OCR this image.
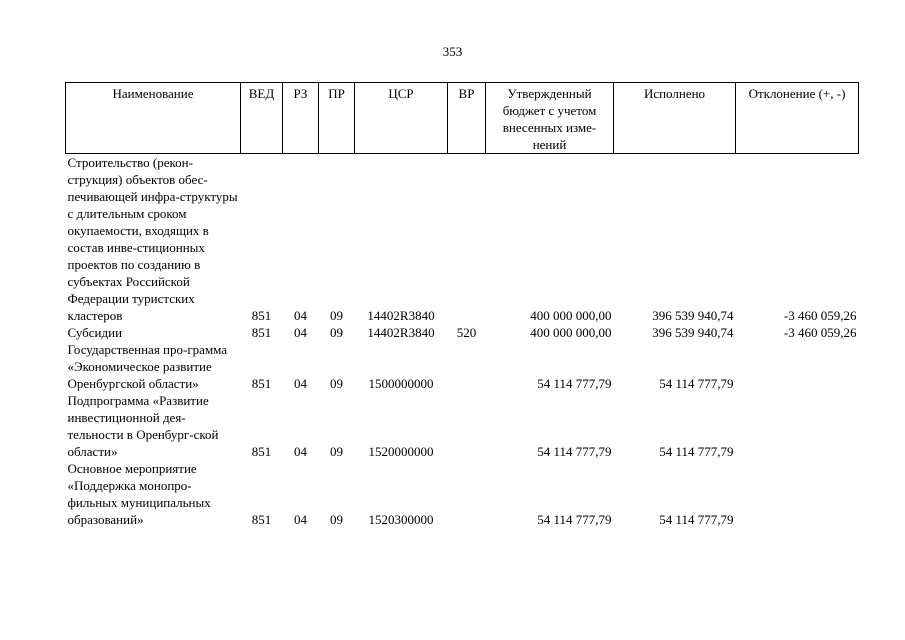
353
Наименование	ВЕД	РЗ	ПР	ЦСР	ВР	Утвержденный бюджет с учетом внесенных изме-нений	Исполнено	Отклонение (+, -)
Строительство (рекон-струкция) объектов обес-печивающей инфра-структуры с длительным сроком окупаемости, входящих в состав инве-стиционных проектов по созданию в субъектах Российской Федерации туристских кластеров	851	04	09	14402R3840		400 000 000,00	396 539 940,74	-3 460 059,26
Субсидии	851	04	09	14402R3840	520	400 000 000,00	396 539 940,74	-3 460 059,26
Государственная про-грамма «Экономическое развитие Оренбургской области»	851	04	09	1500000000		54 114 777,79	54 114 777,79	
Подпрограмма «Развитие инвестиционной дея-тельности в Оренбург-ской области»	851	04	09	1520000000		54 114 777,79	54 114 777,79	
Основное мероприятие «Поддержка монопро-фильных муниципальных образований»	851	04	09	1520300000		54 114 777,79	54 114 777,79	
